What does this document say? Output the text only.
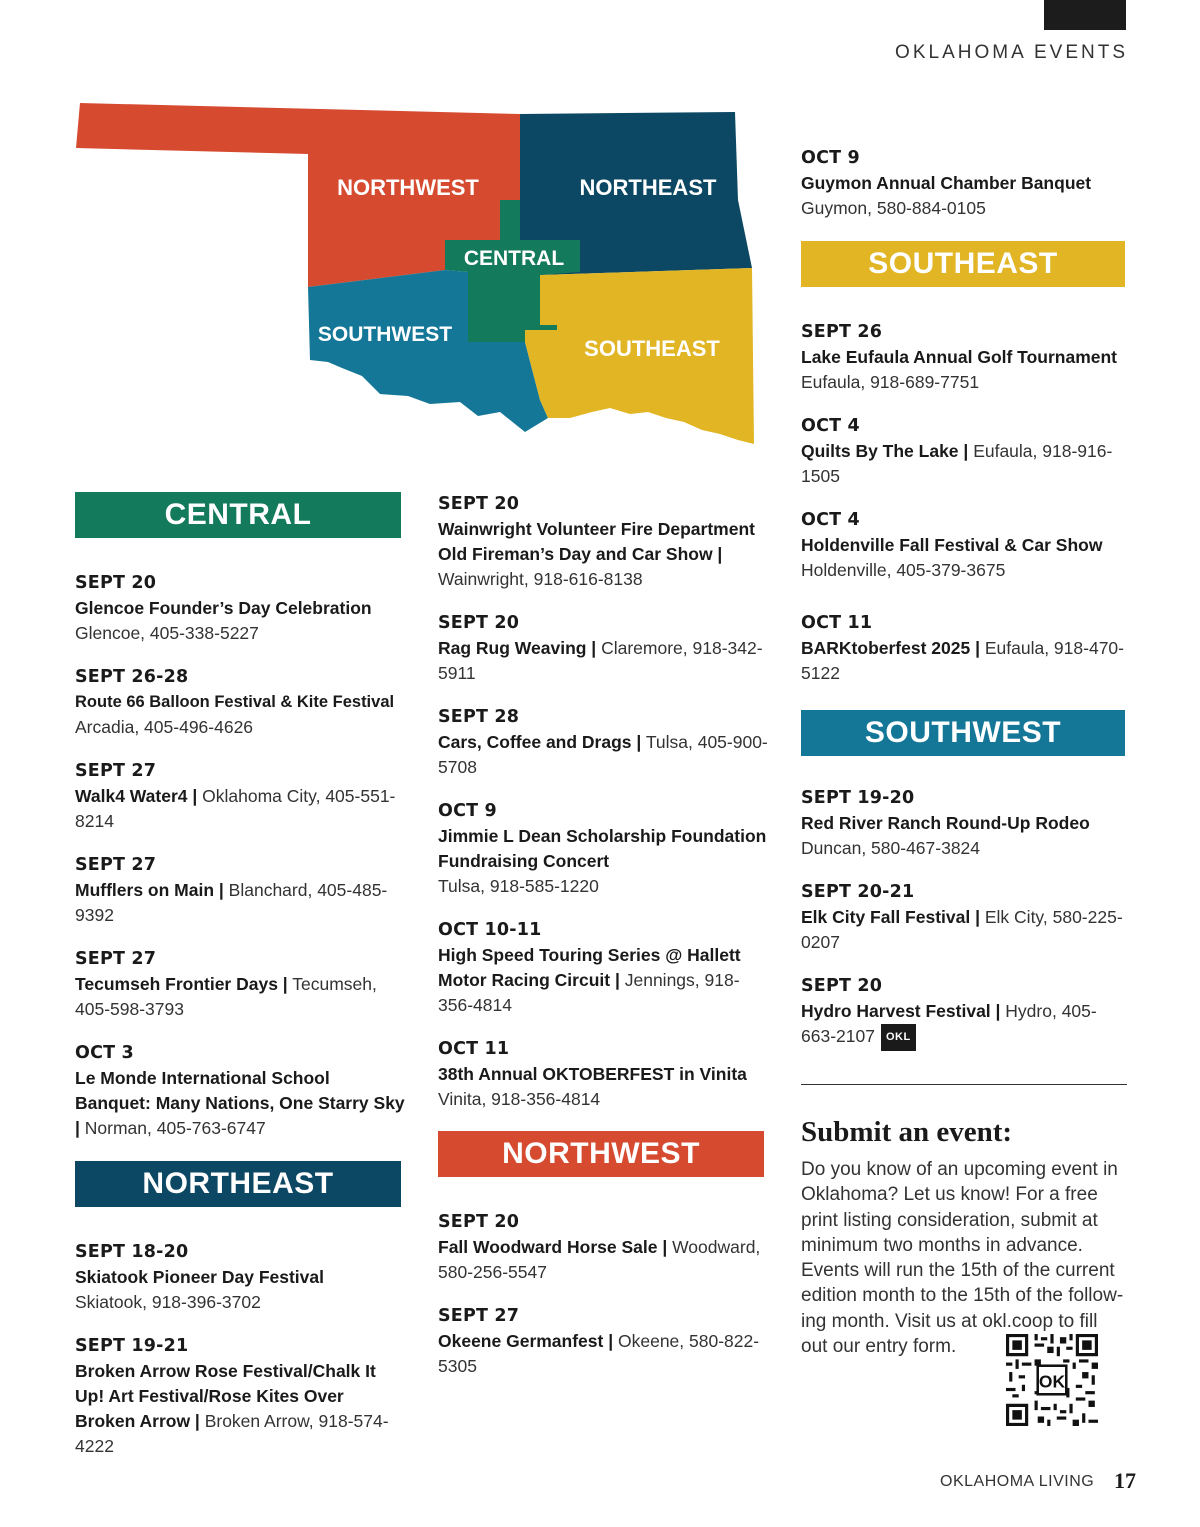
OKLAHOMA EVENTS
NORTHWEST	NORTHEAST
CENTRAL
SOUTHWEST
SOUTHEAST
CENTRAL
SEPT 20
Glencoe Founder’s Day Celebration
Glencoe, 405-338-5227
SEPT 26-28
Route 66 Balloon Festival & Kite Festival
Arcadia, 405-496-4626
SEPT 27
Walk4 Water4 | Oklahoma City, 405-551-8214
SEPT 27
Mufflers on Main | Blanchard, 405-485-9392
SEPT 27
Tecumseh Frontier Days | Tecumseh, 405-598-3793
OCT 3
Le Monde International School Banquet: Many Nations, One Starry Sky | Norman, 405-763-6747
NORTHEAST
SEPT 18-20
Skiatook Pioneer Day Festival
Skiatook, 918-396-3702
SEPT 19-21
Broken Arrow Rose Festival/Chalk It Up! Art Festival/Rose Kites Over Broken Arrow | Broken Arrow, 918-574-4222
SEPT 20
Wainwright Volunteer Fire Department Old Fireman’s Day and Car Show | Wainwright, 918-616-8138
SEPT 20
Rag Rug Weaving | Claremore, 918-342-5911
SEPT 28
Cars, Coffee and Drags | Tulsa, 405-900-5708
OCT 9
Jimmie L Dean Scholarship Foundation Fundraising Concert
Tulsa, 918-585-1220
OCT 10-11
High Speed Touring Series @ Hallett Motor Racing Circuit | Jennings, 918-356-4814
OCT 11
38th Annual OKTOBERFEST in Vinita
Vinita, 918-356-4814
NORTHWEST
SEPT 20
Fall Woodward Horse Sale | Woodward, 580-256-5547
SEPT 27
Okeene Germanfest | Okeene, 580-822-5305
OCT 9
Guymon Annual Chamber Banquet
Guymon, 580-884-0105
SOUTHEAST
SEPT 26
Lake Eufaula Annual Golf Tournament
Eufaula, 918-689-7751
OCT 4
Quilts By The Lake | Eufaula, 918-916-1505
OCT 4
Holdenville Fall Festival & Car Show
Holdenville, 405-379-3675
OCT 11
BARKtoberfest 2025 | Eufaula, 918-470-5122
SOUTHWEST
SEPT 19-20
Red River Ranch Round-Up Rodeo
Duncan, 580-467-3824
SEPT 20-21
Elk City Fall Festival | Elk City, 580-225-0207
SEPT 20
Hydro Harvest Festival | Hydro, 405-663-2107 OKL
Submit an event:
Do you know of an upcoming event in Oklahoma? Let us know! For a free print listing consideration, submit at minimum two months in advance. Events will run the 15th of the current edition month to the 15th of the follow- ing month. Visit us at okl.coop to fill out our entry form.
OK
OKLAHOMA LIVING 17
